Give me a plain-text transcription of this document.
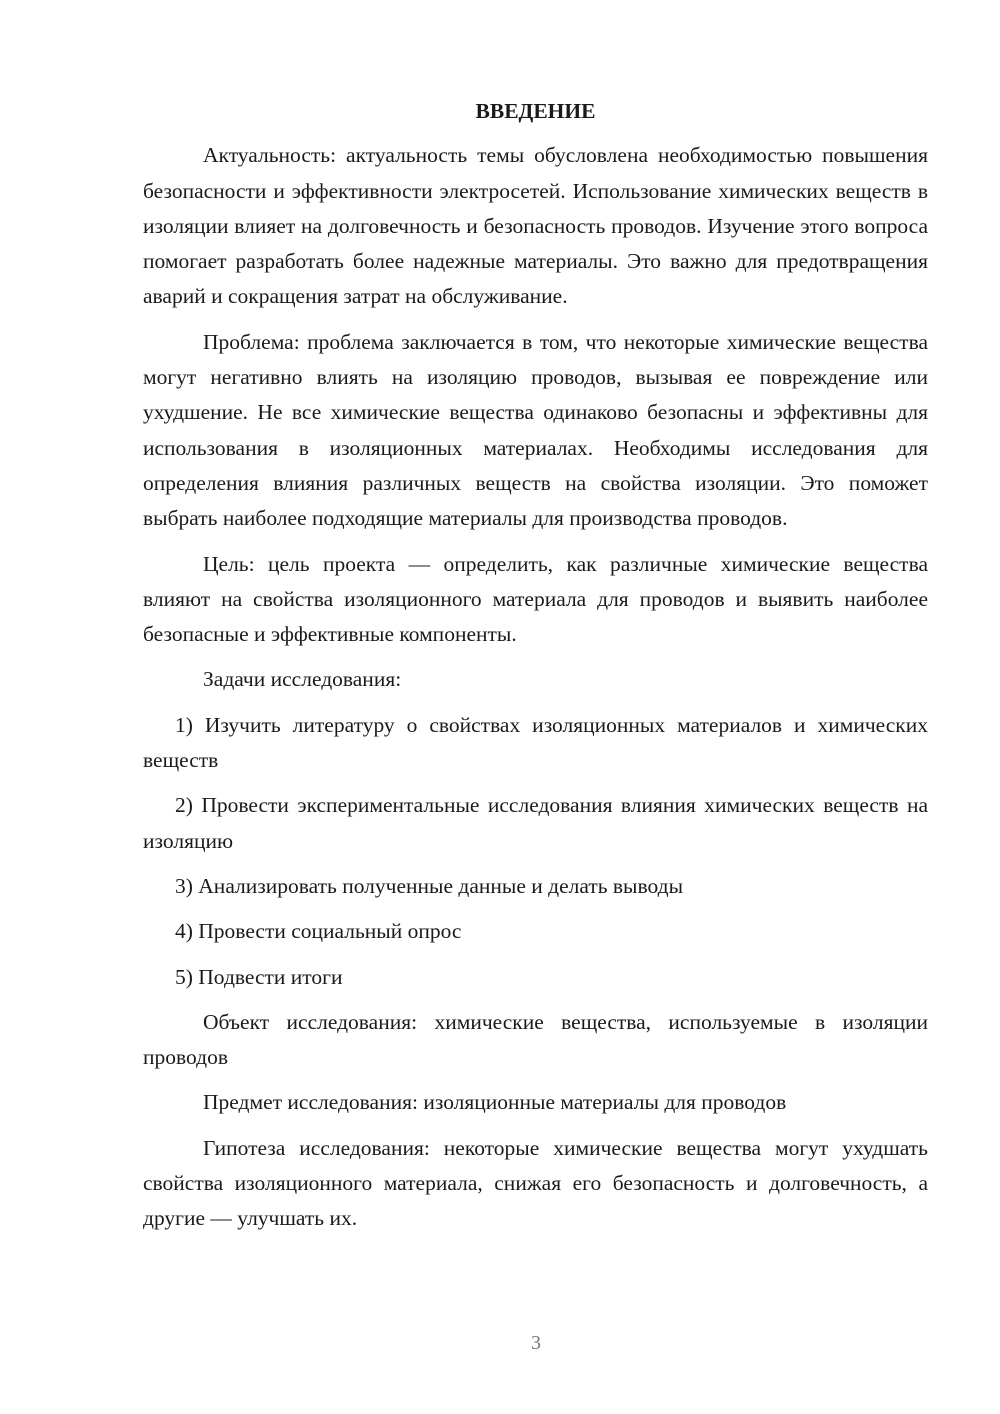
ВВЕДЕНИЕ

Актуальность: актуальность темы обусловлена необходимостью повышения безопасности и эффективности электросетей. Использование химических веществ в изоляции влияет на долговечность и безопасность проводов. Изучение этого вопроса помогает разработать более надежные материалы. Это важно для предотвращения аварий и сокращения затрат на обслуживание.

Проблема: проблема заключается в том, что некоторые химические вещества могут негативно влиять на изоляцию проводов, вызывая ее повреждение или ухудшение. Не все химические вещества одинаково безопасны и эффективны для использования в изоляционных материалах. Необходимы исследования для определения влияния различных веществ на свойства изоляции. Это поможет выбрать наиболее подходящие материалы для производства проводов.

Цель: цель проекта — определить, как различные химические вещества влияют на свойства изоляционного материала для проводов и выявить наиболее безопасные и эффективные компоненты.

Задачи исследования:

1) Изучить литературу о свойствах изоляционных материалов и химических веществ

2) Провести экспериментальные исследования влияния химических веществ на изоляцию

3) Анализировать полученные данные и делать выводы

4) Провести социальный опрос

5) Подвести итоги

Объект исследования: химические вещества, используемые в изоляции проводов

Предмет исследования: изоляционные материалы для проводов

Гипотеза исследования: некоторые химические вещества могут ухудшать свойства изоляционного материала, снижая его безопасность и долговечность, а другие — улучшать их.

3
